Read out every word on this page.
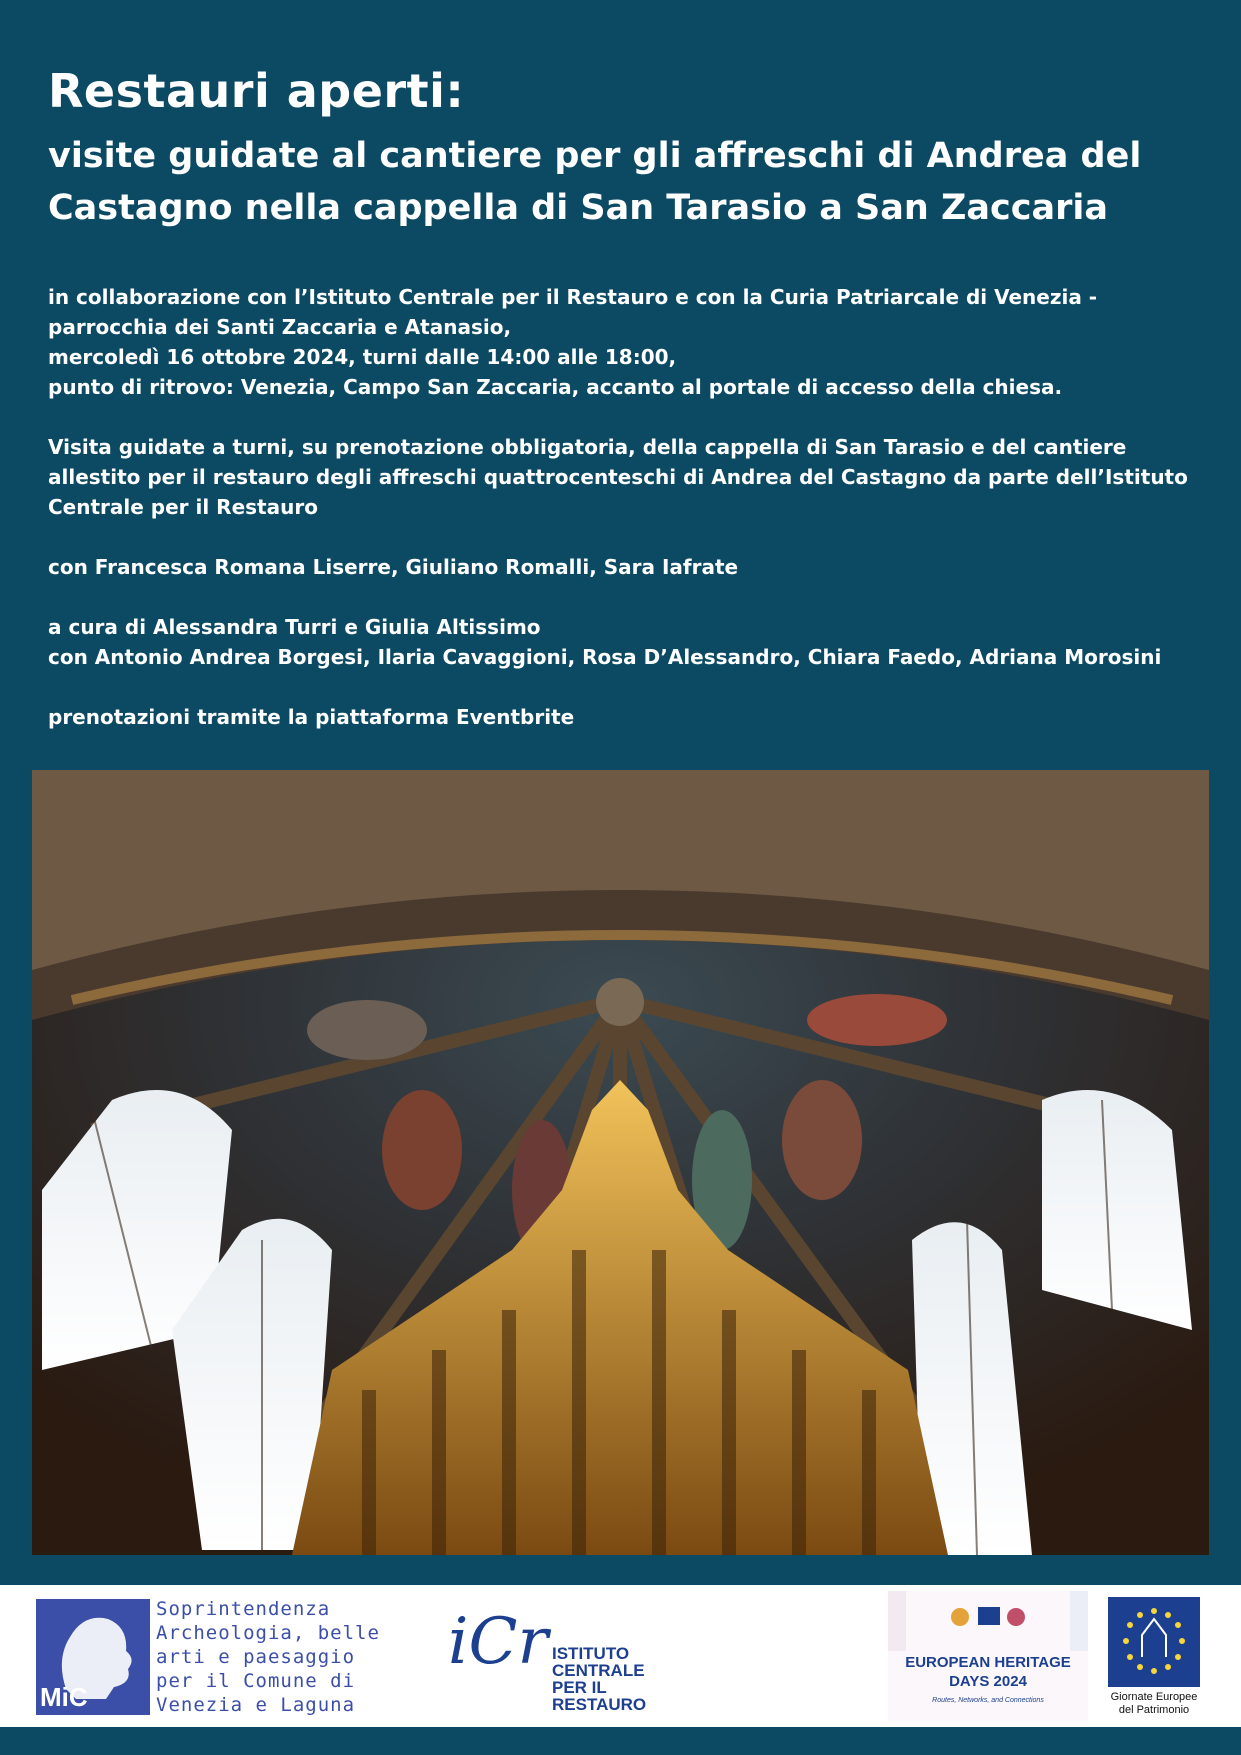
Restauri aperti:
visite guidate al cantiere per gli affreschi di Andrea del Castagno nella cappella di San Tarasio a San Zaccaria

in collaborazione con l’Istituto Centrale per il Restauro e con la Curia Patriarcale di Venezia -

parrocchia dei Santi Zaccaria e Atanasio,

mercoledì 16 ottobre 2024, turni dalle 14:00 alle 18:00,

punto di ritrovo: Venezia, Campo San Zaccaria, accanto al portale di accesso della chiesa.

Visita guidate a turni, su prenotazione obbligatoria, della cappella di San Tarasio e del cantiere allestito per il restauro degli affreschi quattrocenteschi di Andrea del Castagno da parte dell’Istituto Centrale per il Restauro

con Francesca Romana Liserre, Giuliano Romalli, Sara Iafrate

a cura di Alessandra Turri e Giulia Altissimo

con Antonio Andrea Borgesi, Ilaria Cavaggioni, Rosa D’Alessandro, Chiara Faedo, Adriana Morosini

prenotazioni tramite la piattaforma Eventbrite

MiC
Soprintendenza
Archeologia, belle
arti e paesaggio
per il Comune di
Venezia e Laguna
iCr ISTITUTO
CENTRALE
PER IL RESTAURO
EUROPEAN HERITAGE
DAYS 2024
Routes, Networks, and Connections	Giornate Europee
del Patrimonio
